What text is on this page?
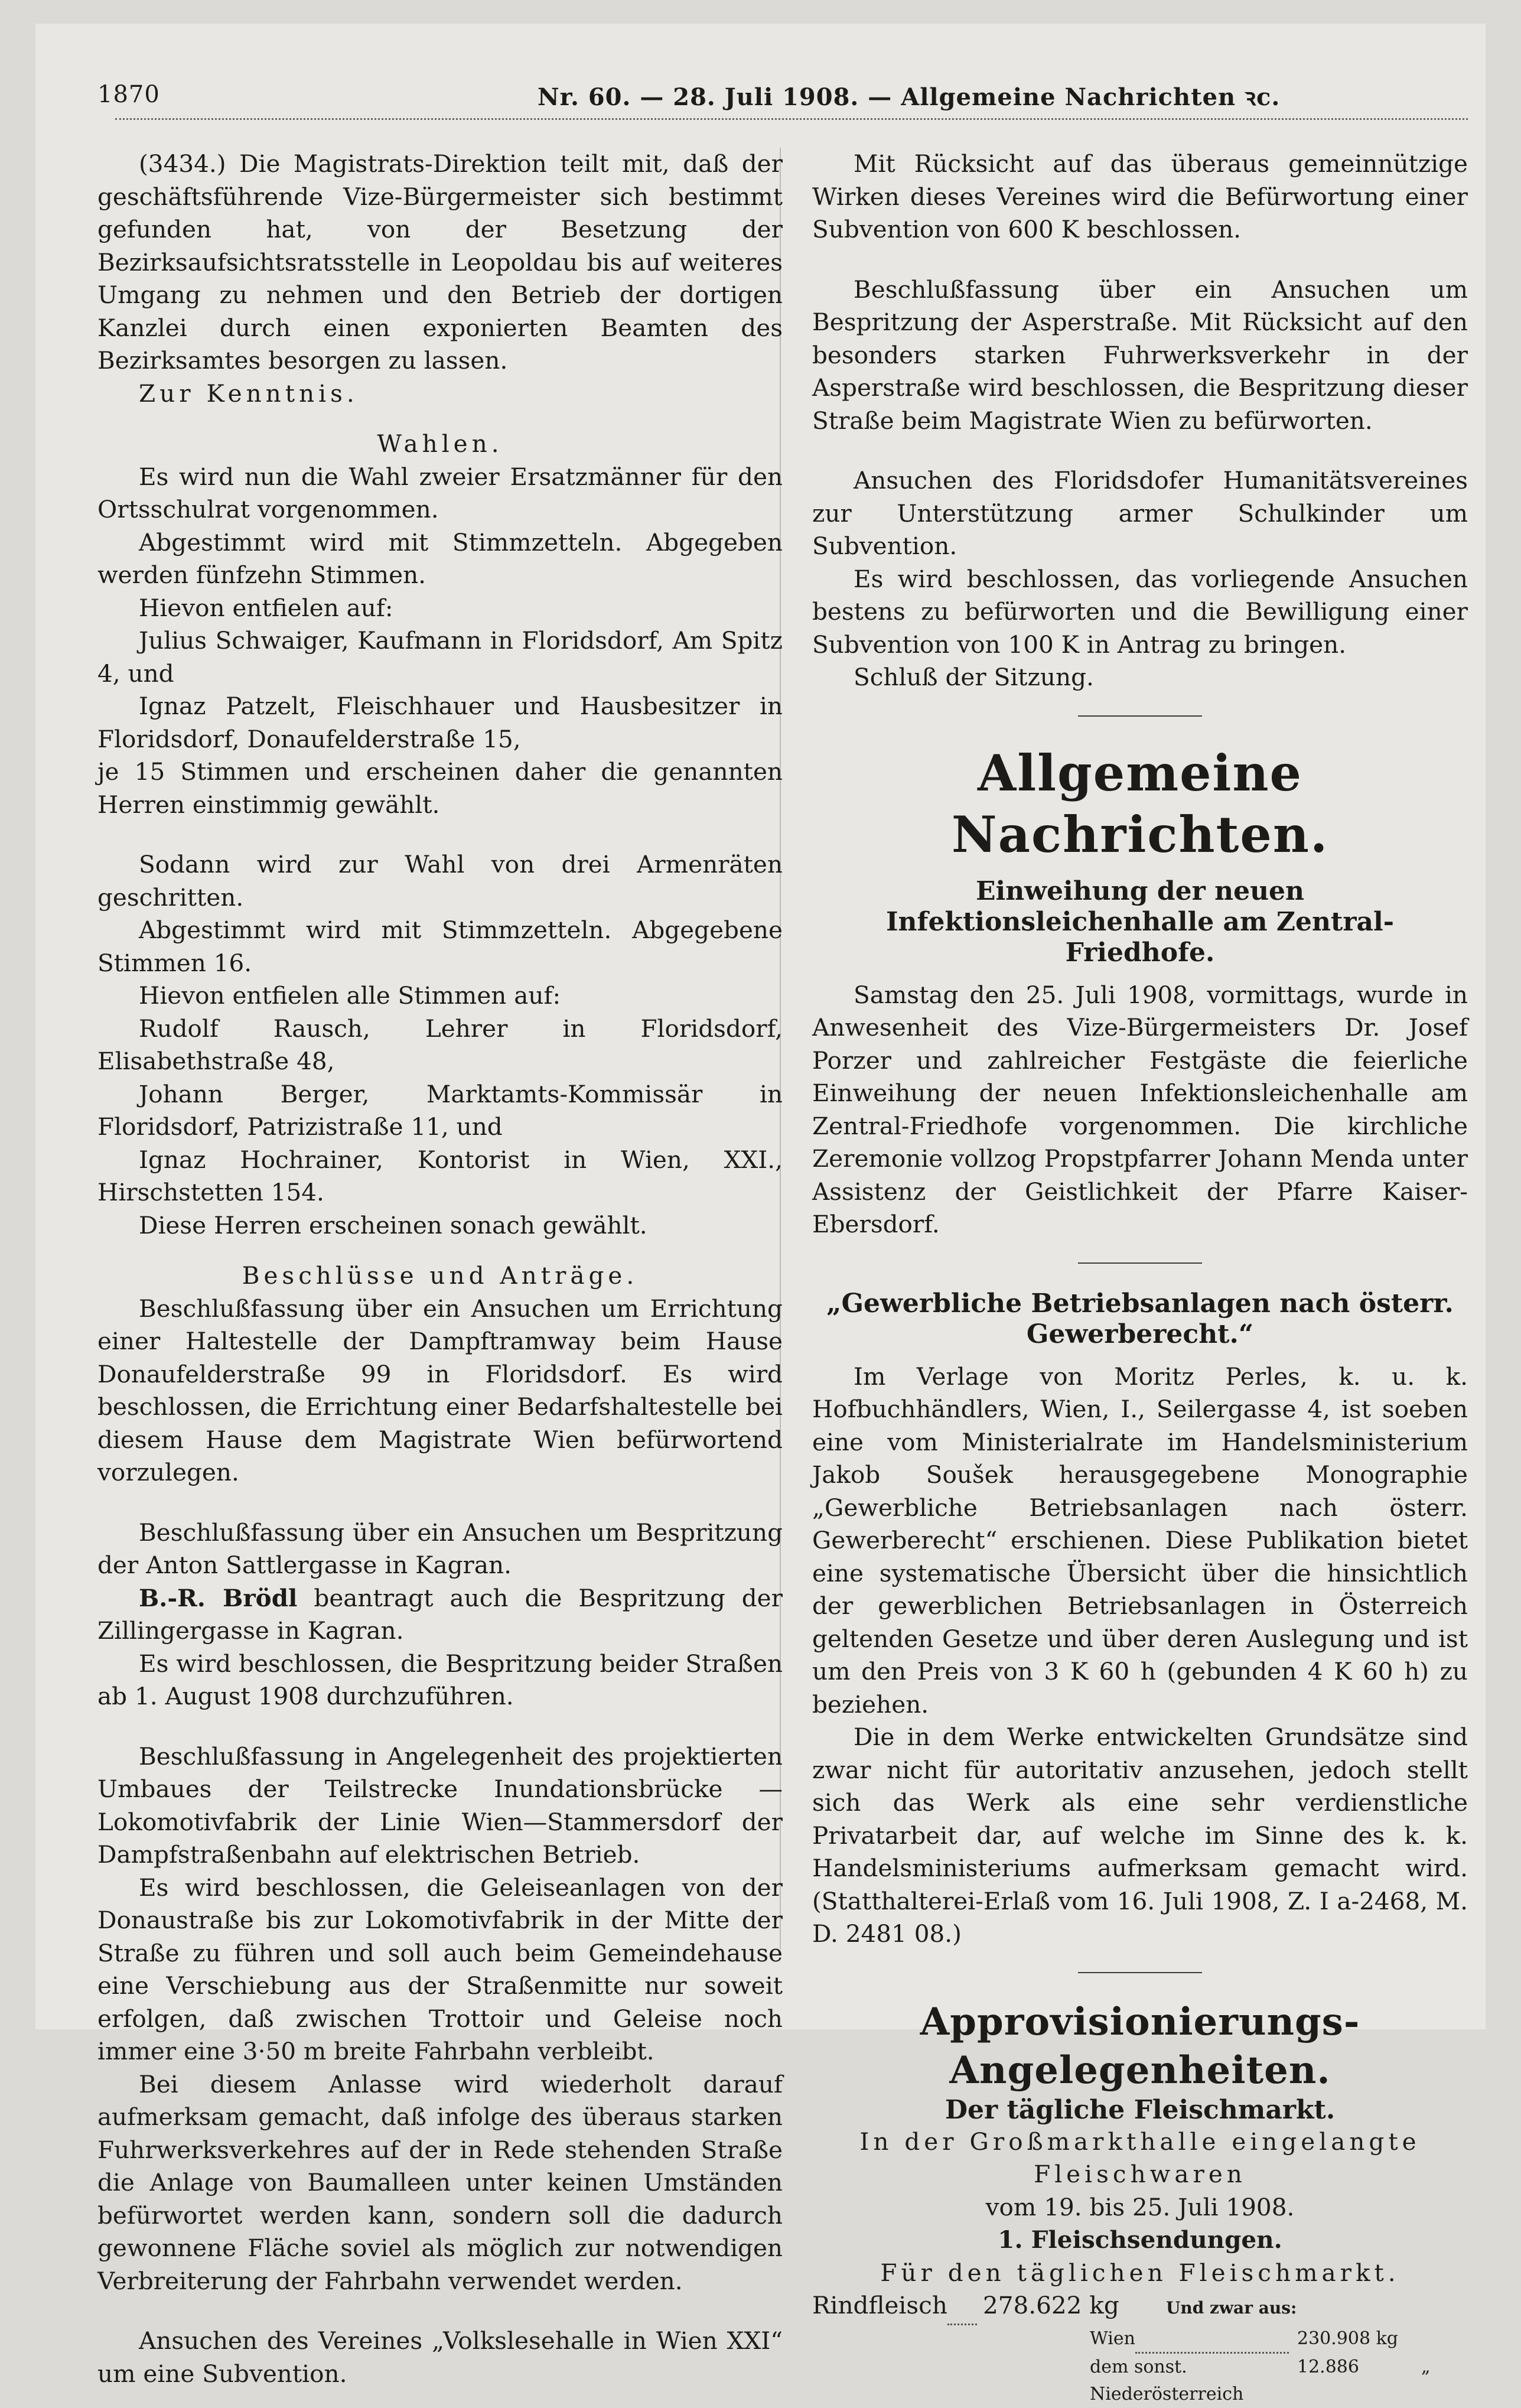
1870	Nr. 60. — 28. Juli 1908. — Allgemeine Nachrichten ꝛc.

(3434.) Die Magistrats-Direktion teilt mit, daß der geschäftsführende Vize-Bürgermeister sich bestimmt gefunden hat, von der Besetzung der Bezirksaufsichtsratsstelle in Leopoldau bis auf weiteres Umgang zu nehmen und den Betrieb der dortigen Kanzlei durch einen exponierten Beamten des Bezirksamtes besorgen zu lassen.

Zur Kenntnis.

Wahlen.

Es wird nun die Wahl zweier Ersatzmänner für den Ortsschulrat vorgenommen.

Abgestimmt wird mit Stimmzetteln. Abgegeben werden fünfzehn Stimmen.

Hievon entfielen auf:

Julius Schwaiger, Kaufmann in Floridsdorf, Am Spitz 4, und

Ignaz Patzelt, Fleischhauer und Hausbesitzer in Floridsdorf, Donaufelderstraße 15,

je 15 Stimmen und erscheinen daher die genannten Herren einstimmig gewählt.

Sodann wird zur Wahl von drei Armenräten geschritten.

Abgestimmt wird mit Stimmzetteln. Abgegebene Stimmen 16.

Hievon entfielen alle Stimmen auf:

Rudolf Rausch, Lehrer in Floridsdorf, Elisabethstraße 48,

Johann Berger, Marktamts-Kommissär in Floridsdorf, Patrizistraße 11, und

Ignaz Hochrainer, Kontorist in Wien, XXI., Hirschstetten 154.

Diese Herren erscheinen sonach gewählt.

Beschlüsse und Anträge.

Beschlußfassung über ein Ansuchen um Errichtung einer Haltestelle der Dampftramway beim Hause Donaufelderstraße 99 in Floridsdorf. Es wird beschlossen, die Errichtung einer Bedarfshaltestelle bei diesem Hause dem Magistrate Wien befürwortend vorzulegen.

Beschlußfassung über ein Ansuchen um Bespritzung der Anton Sattlergasse in Kagran.

B.-R. Brödl beantragt auch die Bespritzung der Zillingergasse in Kagran.

Es wird beschlossen, die Bespritzung beider Straßen ab 1. August 1908 durchzuführen.

Beschlußfassung in Angelegenheit des projektierten Umbaues der Teilstrecke Inundationsbrücke — Lokomotivfabrik der Linie Wien—Stammersdorf der Dampfstraßenbahn auf elektrischen Betrieb.

Es wird beschlossen, die Geleiseanlagen von der Donaustraße bis zur Lokomotivfabrik in der Mitte der Straße zu führen und soll auch beim Gemeindehause eine Verschiebung aus der Straßenmitte nur soweit erfolgen, daß zwischen Trottoir und Geleise noch immer eine 3·50 m breite Fahrbahn verbleibt.

Bei diesem Anlasse wird wiederholt darauf aufmerksam gemacht, daß infolge des überaus starken Fuhrwerksverkehres auf der in Rede stehenden Straße die Anlage von Baumalleen unter keinen Umständen befürwortet werden kann, sondern soll die dadurch gewonnene Fläche soviel als möglich zur notwendigen Verbreiterung der Fahrbahn verwendet werden.

Ansuchen des Vereines „Volkslesehalle in Wien XXI“ um eine Subvention.

Mit Rücksicht auf das überaus gemeinnützige Wirken dieses Vereines wird die Befürwortung einer Subvention von 600 K beschlossen.

Beschlußfassung über ein Ansuchen um Bespritzung der Asperstraße. Mit Rücksicht auf den besonders starken Fuhrwerksverkehr in der Asperstraße wird beschlossen, die Bespritzung dieser Straße beim Magistrate Wien zu befürworten.

Ansuchen des Floridsdofer Humanitätsvereines zur Unterstützung armer Schulkinder um Subvention.

Es wird beschlossen, das vorliegende Ansuchen bestens zu befürworten und die Bewilligung einer Subvention von 100 K in Antrag zu bringen.

Schluß der Sitzung.

Allgemeine Nachrichten.

Einweihung der neuen Infektionsleichenhalle am Zentral-Friedhofe.

Samstag den 25. Juli 1908, vormittags, wurde in Anwesenheit des Vize-Bürgermeisters Dr. Josef Porzer und zahlreicher Festgäste die feierliche Einweihung der neuen Infektionsleichenhalle am Zentral-Friedhofe vorgenommen. Die kirchliche Zeremonie vollzog Propstpfarrer Johann Menda unter Assistenz der Geistlichkeit der Pfarre Kaiser-Ebersdorf.

„Gewerbliche Betriebsanlagen nach österr. Gewerberecht.“

Im Verlage von Moritz Perles, k. u. k. Hofbuchhändlers, Wien, I., Seilergasse 4, ist soeben eine vom Ministerialrate im Handelsministerium Jakob Soušek herausgegebene Monographie „Gewerbliche Betriebsanlagen nach österr. Gewerberecht“ erschienen. Diese Publikation bietet eine systematische Übersicht über die hinsichtlich der gewerblichen Betriebsanlagen in Österreich geltenden Gesetze und über deren Auslegung und ist um den Preis von 3 K 60 h (gebunden 4 K 60 h) zu beziehen.

Die in dem Werke entwickelten Grundsätze sind zwar nicht für autoritativ anzusehen, jedoch stellt sich das Werk als eine sehr verdienstliche Privatarbeit dar, auf welche im Sinne des k. k. Handelsministeriums aufmerksam gemacht wird. (Statthalterei-Erlaß vom 16. Juli 1908, Z. I a-2468, M. D. 2481 08.)

Approvisionierungs-Angelegenheiten.

Der tägliche Fleischmarkt.

In der Großmarkthalle eingelangte Fleischwaren

vom 19. bis 25. Juli 1908.

1. Fleischsendungen.

Für den täglichen Fleischmarkt.

Rindfleisch		278.622 kg	Und zwar aus:	
	Wien		230.908 kg	
	dem sonst. Niederösterreich		12.886	„
